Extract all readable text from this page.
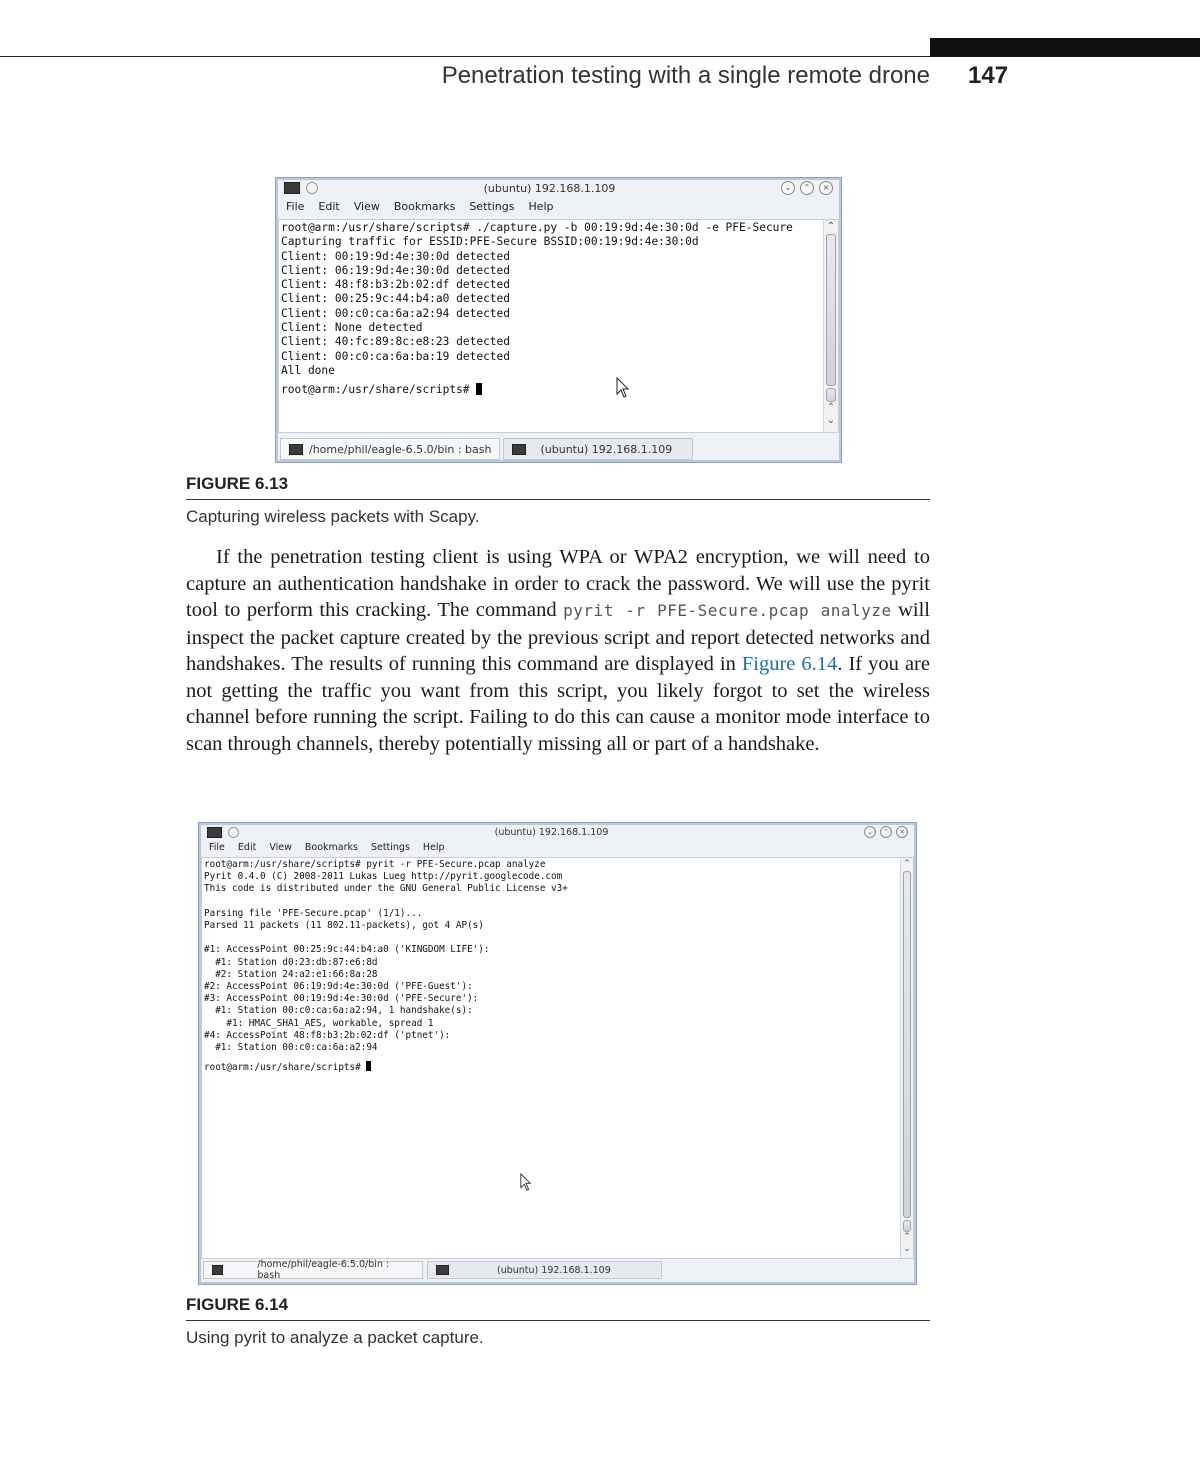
Penetration testing with a single remote drone 147
(ubuntu) 192.168.1.109	⌄	⌃	×
File Edit View Bookmarks Settings Help
root@arm:/usr/share/scripts# ./capture.py -b 00:19:9d:4e:30:0d -e PFE-Secure
Capturing traffic for ESSID:PFE-Secure BSSID:00:19:9d:4e:30:0d
Client: 00:19:9d:4e:30:0d detected
Client: 06:19:9d:4e:30:0d detected
Client: 48:f8:b3:2b:02:df detected
Client: 00:25:9c:44:b4:a0 detected
Client: 00:c0:ca:6a:a2:94 detected
Client: None detected
Client: 40:fc:89:8c:e8:23 detected
Client: 00:c0:ca:6a:ba:19 detected
All done
root@arm:/usr/share/scripts#
⌃
⌃
⌄
/home/phil/eagle-6.5.0/bin : bash	(ubuntu) 192.168.1.109
FIGURE 6.13
Capturing wireless packets with Scapy.

If the penetration testing client is using WPA or WPA2 encryption, we will need to capture an authentication handshake in order to crack the password. We will use the pyrit tool to perform this cracking. The command pyrit -r PFE-Secure.pcap analyze will inspect the packet capture created by the previous script and report detected networks and handshakes. The results of running this command are displayed in Figure 6.14. If you are not getting the traffic you want from this script, you likely forgot to set the wireless channel before running the script. Failing to do this can cause a monitor mode interface to scan through channels, thereby potentially missing all or part of a handshake.

(ubuntu) 192.168.1.109	⌄	⌃	×
File Edit View Bookmarks Settings Help
root@arm:/usr/share/scripts# pyrit -r PFE-Secure.pcap analyze
Pyrit 0.4.0 (C) 2008-2011 Lukas Lueg http://pyrit.googlecode.com
This code is distributed under the GNU General Public License v3+

Parsing file 'PFE-Secure.pcap' (1/1)...
Parsed 11 packets (11 802.11-packets), got 4 AP(s)

#1: AccessPoint 00:25:9c:44:b4:a0 ('KINGDOM LIFE'):
#1: Station d0:23:db:87:e6:8d
#2: Station 24:a2:e1:66:8a:28
#2: AccessPoint 06:19:9d:4e:30:0d ('PFE-Guest'):
#3: AccessPoint 00:19:9d:4e:30:0d ('PFE-Secure'):
#1: Station 00:c0:ca:6a:a2:94, 1 handshake(s):
#1: HMAC_SHA1_AES, workable, spread 1
#4: AccessPoint 48:f8:b3:2b:02:df ('ptnet'):
#1: Station 00:c0:ca:6a:a2:94
root@arm:/usr/share/scripts#
⌃
⌃
⌄
/home/phil/eagle-6.5.0/bin : bash	(ubuntu) 192.168.1.109
FIGURE 6.14
Using pyrit to analyze a packet capture.
